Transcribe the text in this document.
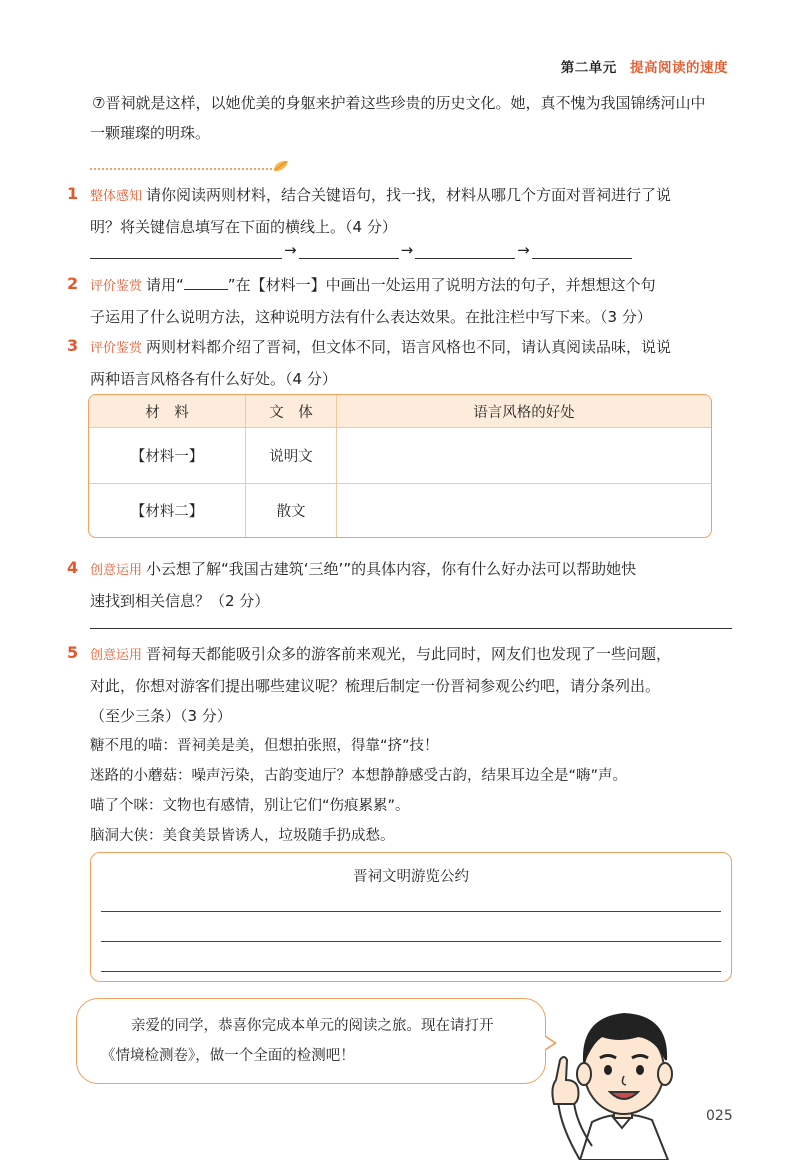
第二单元 提高阅读的速度
⑦晋祠就是这样，以她优美的身躯来护着这些珍贵的历史文化。她，真不愧为我国锦绣河山中
一颗璀璨的明珠。
1 整体感知 请你阅读两则材料，结合关键语句，找一找，材料从哪几个方面对晋祠进行了说
明？将关键信息填写在下面的横线上。（4 分）
→	→	→
2 评价鉴赏 请用“	”在【材料一】中画出一处运用了说明方法的句子，并想想这个句
子运用了什么说明方法，这种说明方法有什么表达效果。在批注栏中写下来。（3 分）
3 评价鉴赏 两则材料都介绍了晋祠，但文体不同，语言风格也不同，请认真阅读品味，说说
两种语言风格各有什么好处。（4 分）
材　料	文　体	语言风格的好处
【材料一】	说明文	
【材料二】	散文	
4 创意运用 小云想了解“我国古建筑‘三绝’”的具体内容，你有什么好办法可以帮助她快
速找到相关信息？（2 分）
5 创意运用 晋祠每天都能吸引众多的游客前来观光，与此同时，网友们也发现了一些问题，
对此，你想对游客们提出哪些建议呢？梳理后制定一份晋祠参观公约吧，请分条列出。
（至少三条）（3 分）
糖不甩的喵：晋祠美是美，但想拍张照，得靠“挤”技！
迷路的小蘑菇：噪声污染，古韵变迪厅？本想静静感受古韵，结果耳边全是“嗨”声。
喵了个咪：文物也有感情，别让它们“伤痕累累”。
脑洞大侠：美食美景皆诱人，垃圾随手扔成愁。
晋祠文明游览公约
亲爱的同学，恭喜你完成本单元的阅读之旅。现在请打开
《情境检测卷》，做一个全面的检测吧！
025
